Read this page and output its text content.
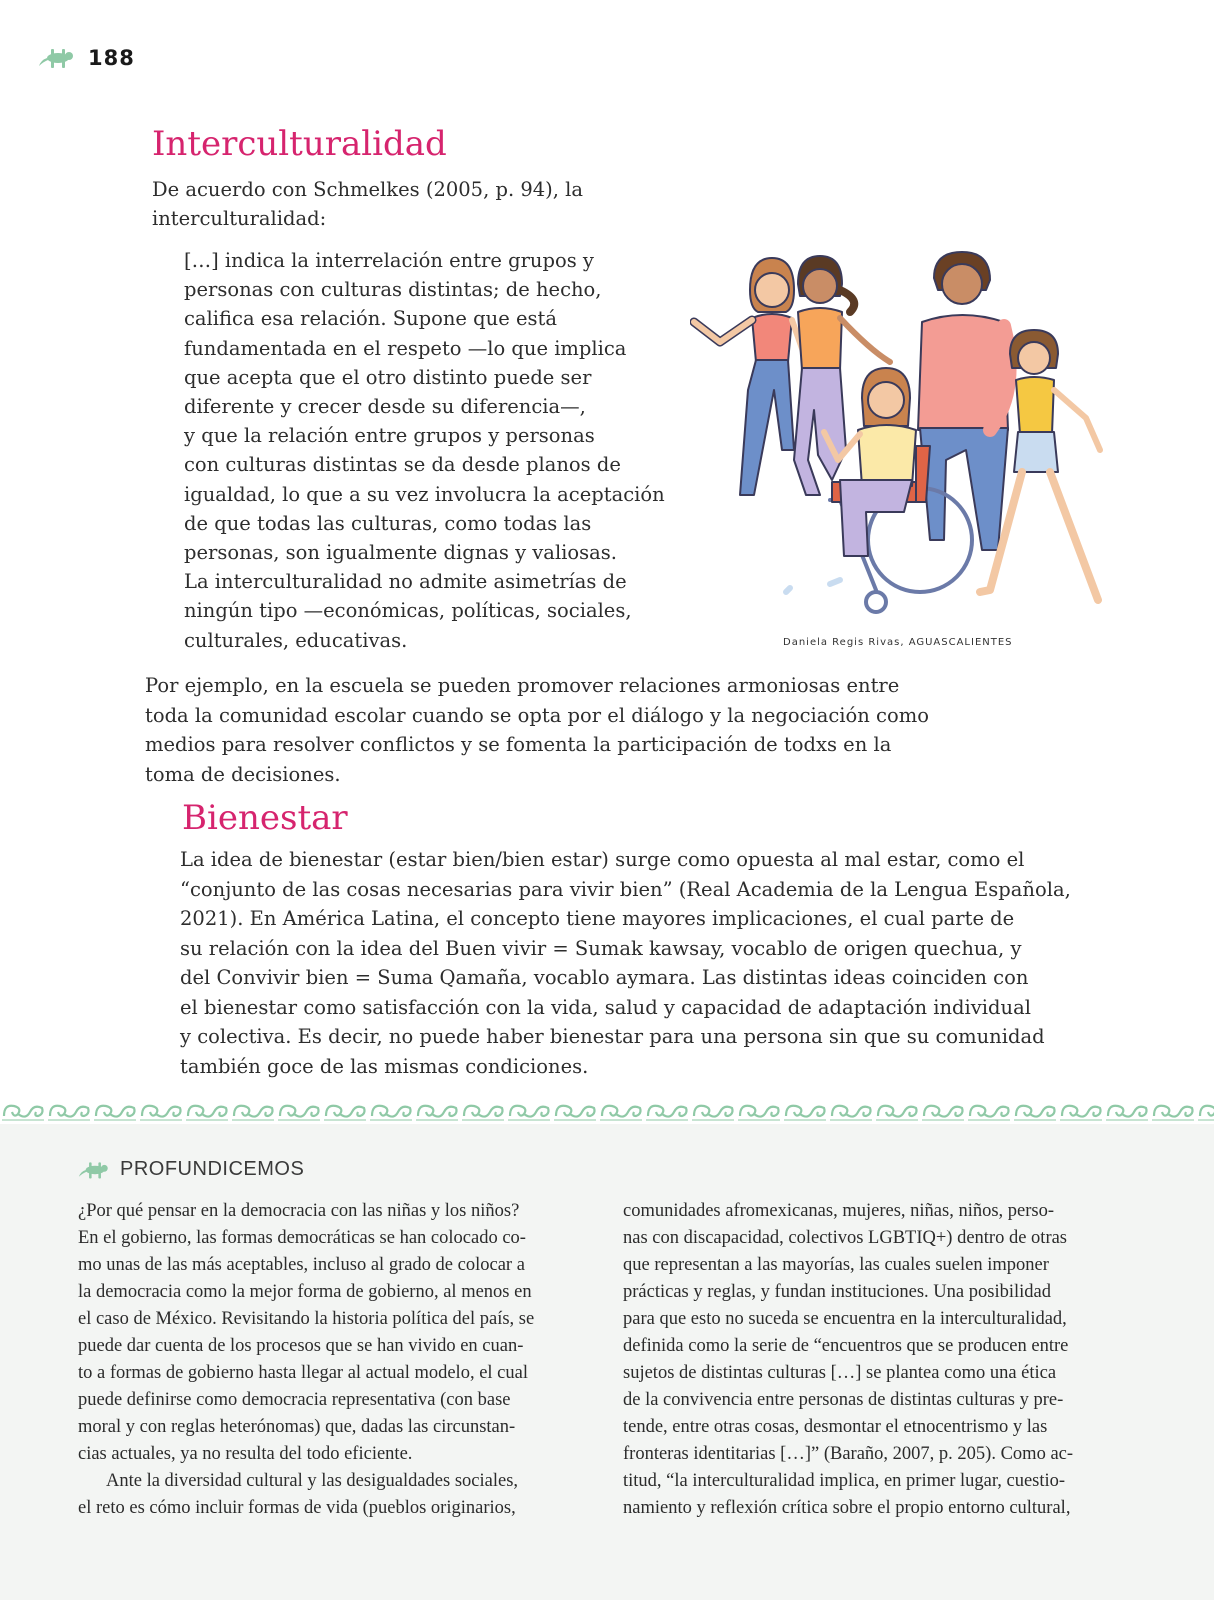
188
Interculturalidad

De acuerdo con Schmelkes (2005, p. 94), la interculturalidad:

[…] indica la interrelación entre grupos y
personas con culturas distintas; de hecho,
califica esa relación. Supone que está
fundamentada en el respeto —lo que implica
que acepta que el otro distinto puede ser
diferente y crecer desde su diferencia—,
y que la relación entre grupos y personas
con culturas distintas se da desde planos de
igualdad, lo que a su vez involucra la aceptación
de que todas las culturas, como todas las
personas, son igualmente dignas y valiosas.
La interculturalidad no admite asimetrías de
ningún tipo —económicas, políticas, sociales,
culturales, educativas.	Daniela Regis Rivas, AGUASCALIENTES

Por ejemplo, en la escuela se pueden promover relaciones armoniosas entre toda la comunidad escolar cuando se opta por el diálogo y la negociación como medios para resolver conflictos y se fomenta la participación de todxs en la toma de decisiones.

Bienestar
La idea de bienestar (estar bien/bien estar) surge como opuesta al mal estar, como el
“conjunto de las cosas necesarias para vivir bien” (Real Academia de la Lengua Española,
2021). En América Latina, el concepto tiene mayores implicaciones, el cual parte de
su relación con la idea del Buen vivir = Sumak kawsay, vocablo de origen quechua, y
del Convivir bien = Suma Qamaña, vocablo aymara. Las distintas ideas coinciden con
el bienestar como satisfacción con la vida, salud y capacidad de adaptación individual
y colectiva. Es decir, no puede haber bienestar para una persona sin que su comunidad
también goce de las mismas condiciones.
PROFUNDICEMOS
¿Por qué pensar en la democracia con las niñas y los niños?
En el gobierno, las formas democráticas se han colocado co-
mo unas de las más aceptables, incluso al grado de colocar a
la democracia como la mejor forma de gobierno, al menos en
el caso de México. Revisitando la historia política del país, se
puede dar cuenta de los procesos que se han vivido en cuan-
to a formas de gobierno hasta llegar al actual modelo, el cual
puede definirse como democracia representativa (con base
moral y con reglas heterónomas) que, dadas las circunstan-
cias actuales, ya no resulta del todo eficiente.
Ante la diversidad cultural y las desigualdades sociales,
el reto es cómo incluir formas de vida (pueblos originarios,
comunidades afromexicanas, mujeres, niñas, niños, perso-
nas con discapacidad, colectivos LGBTIQ+) dentro de otras
que representan a las mayorías, las cuales suelen imponer
prácticas y reglas, y fundan instituciones. Una posibilidad
para que esto no suceda se encuentra en la interculturalidad,
definida como la serie de “encuentros que se producen entre
sujetos de distintas culturas […] se plantea como una ética
de la convivencia entre personas de distintas culturas y pre-
tende, entre otras cosas, desmontar el etnocentrismo y las
fronteras identitarias […]” (Baraño, 2007, p. 205). Como ac-
titud, “la interculturalidad implica, en primer lugar, cuestio-
namiento y reflexión crítica sobre el propio entorno cultural,
